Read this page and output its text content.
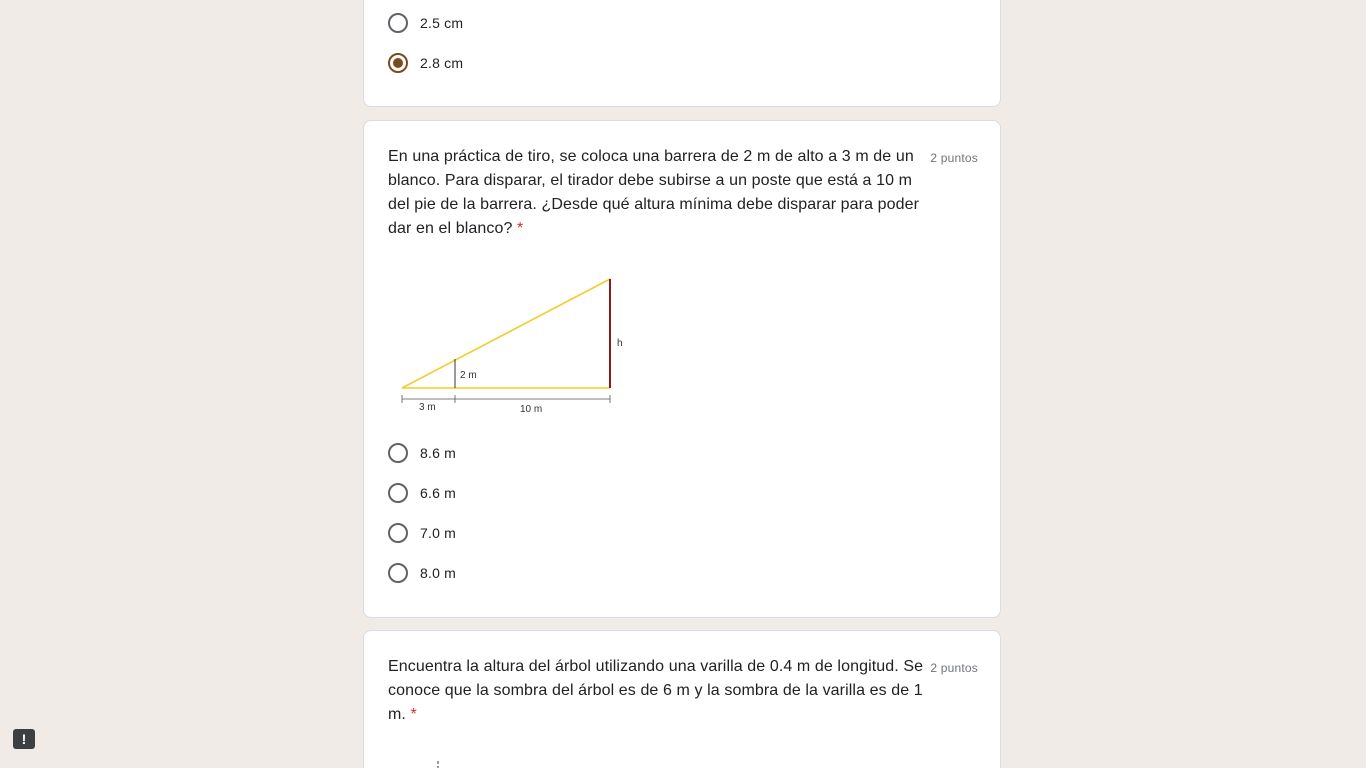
2.5 cm
2.8 cm
En una práctica de tiro, se coloca una barrera de 2 m de alto a 3 m de un blanco. Para disparar, el tirador debe subirse a un poste que está a 10 m del pie de la barrera. ¿Desde qué altura mínima debe disparar para poder dar en el blanco? *
2 puntos
2 m
h
3 m	10 m
8.6 m
6.6 m
7.0 m
8.0 m
Encuentra la altura del árbol utilizando una varilla de 0.4 m de longitud. Se conoce que la sombra del árbol es de 6 m y la sombra de la varilla es de 1 m. *
2 puntos
!
